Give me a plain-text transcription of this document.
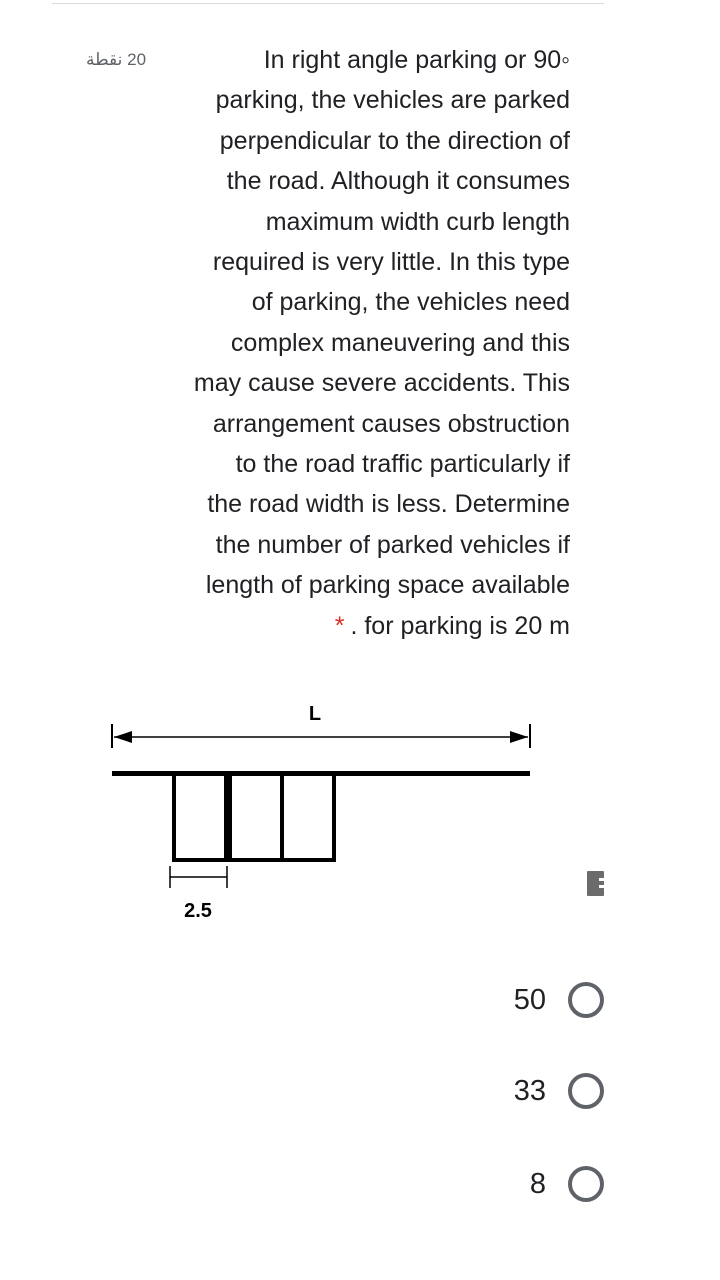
20 نقطة	In right angle parking or 90◦
parking, the vehicles are parked
perpendicular to the direction of
the road. Although it consumes
maximum width curb length
required is very little. In this type
of parking, the vehicles need
complex maneuvering and this
may cause severe accidents. This
arrangement causes obstruction
to the road traffic particularly if
the road width is less. Determine
the number of parked vehicles if
length of parking space available
* . for parking is 20 m
L
2.5
50
33
8
